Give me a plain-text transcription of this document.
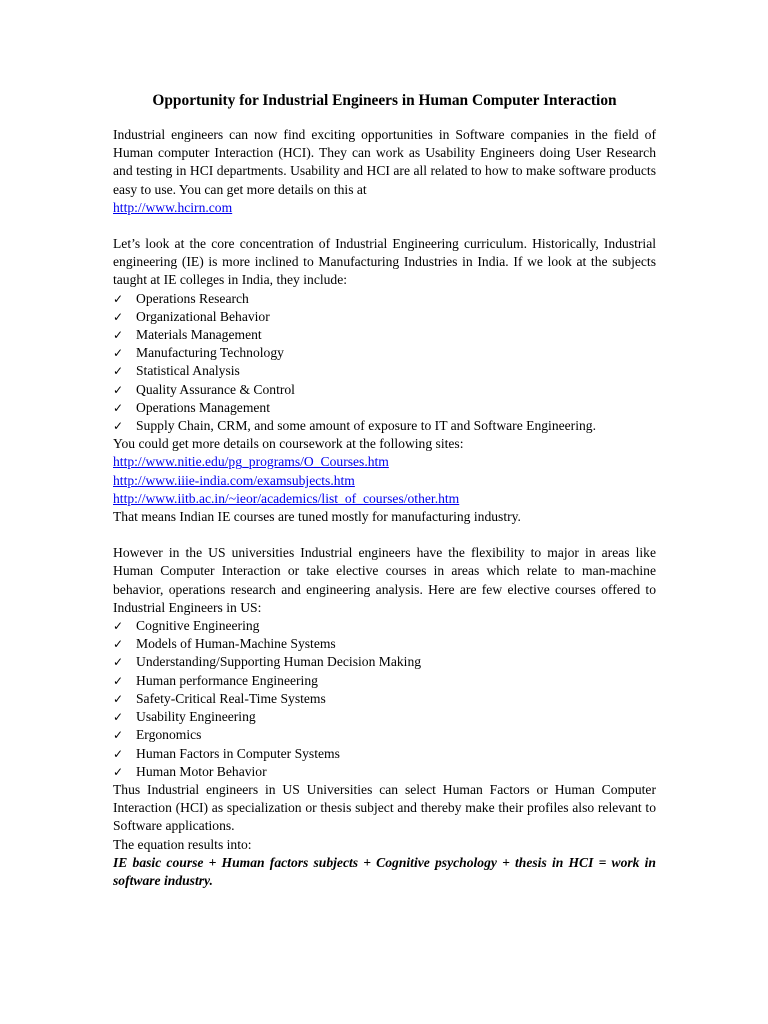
Opportunity for Industrial Engineers in Human Computer Interaction

Industrial engineers can now find exciting opportunities in Software companies in the field of Human computer Interaction (HCI). They can work as Usability Engineers doing User Research and testing in HCI departments. Usability and HCI are all related to how to make software products easy to use. You can get more details on this at
http://www.hcirn.com

Let’s look at the core concentration of Industrial Engineering curriculum. Historically, Industrial engineering (IE) is more inclined to Manufacturing Industries in India. If we look at the subjects taught at IE colleges in India, they include:

✓ Operations Research
✓ Organizational Behavior
✓ Materials Management
✓ Manufacturing Technology
✓ Statistical Analysis
✓ Quality Assurance & Control
✓ Operations Management
✓ Supply Chain, CRM, and some amount of exposure to IT and Software Engineering.

You could get more details on coursework at the following sites:

http://www.nitie.edu/pg_programs/O_Courses.htm
http://www.iiie-india.com/examsubjects.htm
http://www.iitb.ac.in/~ieor/academics/list_of_courses/other.htm

That means Indian IE courses are tuned mostly for manufacturing industry.

However in the US universities Industrial engineers have the flexibility to major in areas like Human Computer Interaction or take elective courses in areas which relate to man-machine behavior, operations research and engineering analysis. Here are few elective courses offered to Industrial Engineers in US:

✓ Cognitive Engineering
✓ Models of Human-Machine Systems
✓ Understanding/Supporting Human Decision Making
✓ Human performance Engineering
✓ Safety-Critical Real-Time Systems
✓ Usability Engineering
✓ Ergonomics
✓ Human Factors in Computer Systems
✓ Human Motor Behavior

Thus Industrial engineers in US Universities can select Human Factors or Human Computer Interaction (HCI) as specialization or thesis subject and thereby make their profiles also relevant to Software applications.

The equation results into:

IE basic course + Human factors subjects + Cognitive psychology + thesis in HCI = work in software industry.
